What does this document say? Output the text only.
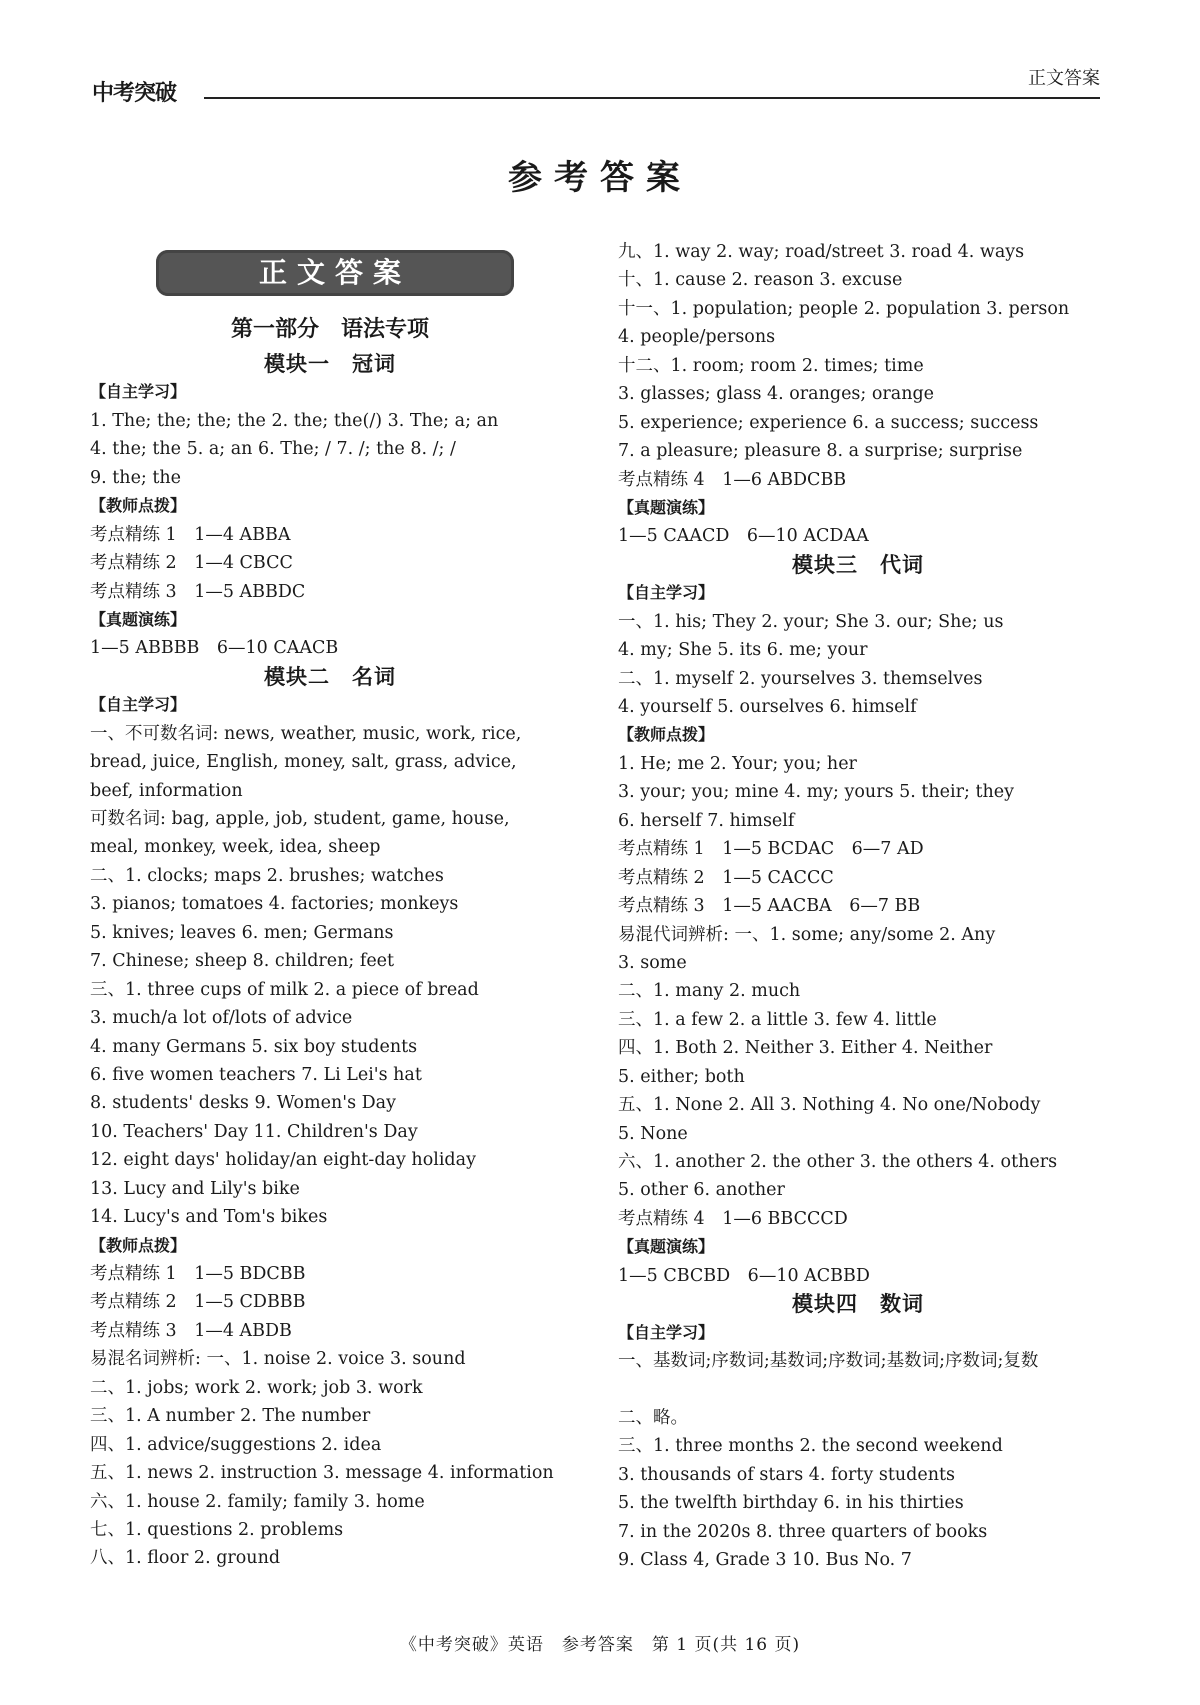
中考突破
正文答案
参考答案
正文答案
第一部分　语法专项
模块一　冠词
【自主学习】
1. The; the; the; the 2. the; the(/) 3. The; a; an
4. the; the 5. a; an 6. The; / 7. /; the 8. /; /
9. the; the
【教师点拨】
考点精练 1　1—4 ABBA
考点精练 2　1—4 CBCC
考点精练 3　1—5 ABBDC
【真题演练】
1—5 ABBBB　6—10 CAACB
模块二　名词
【自主学习】
一、不可数名词: news, weather, music, work, rice,
bread, juice, English, money, salt, grass, advice,
beef, information
可数名词: bag, apple, job, student, game, house,
meal, monkey, week, idea, sheep
二、1. clocks; maps 2. brushes; watches
3. pianos; tomatoes 4. factories; monkeys
5. knives; leaves 6. men; Germans
7. Chinese; sheep 8. children; feet
三、1. three cups of milk 2. a piece of bread
3. much/a lot of/lots of advice
4. many Germans 5. six boy students
6. five women teachers 7. Li Lei's hat
8. students' desks 9. Women's Day
10. Teachers' Day 11. Children's Day
12. eight days' holiday/an eight-day holiday
13. Lucy and Lily's bike
14. Lucy's and Tom's bikes
【教师点拨】
考点精练 1　1—5 BDCBB
考点精练 2　1—5 CDBBB
考点精练 3　1—4 ABDB
易混名词辨析: 一、1. noise 2. voice 3. sound
二、1. jobs; work 2. work; job 3. work
三、1. A number 2. The number
四、1. advice/suggestions 2. idea
五、1. news 2. instruction 3. message 4. information
六、1. house 2. family; family 3. home
七、1. questions 2. problems
八、1. floor 2. ground
九、1. way 2. way; road/street 3. road 4. ways
十、1. cause 2. reason 3. excuse
十一、1. population; people 2. population 3. person
4. people/persons
十二、1. room; room 2. times; time
3. glasses; glass 4. oranges; orange
5. experience; experience 6. a success; success
7. a pleasure; pleasure 8. a surprise; surprise
考点精练 4　1—6 ABDCBB
【真题演练】
1—5 CAACD　6—10 ACDAA
模块三　代词
【自主学习】
一、1. his; They 2. your; She 3. our; She; us
4. my; She 5. its 6. me; your
二、1. myself 2. yourselves 3. themselves
4. yourself 5. ourselves 6. himself
【教师点拨】
1. He; me 2. Your; you; her
3. your; you; mine 4. my; yours 5. their; they
6. herself 7. himself
考点精练 1　1—5 BCDAC　6—7 AD
考点精练 2　1—5 CACCC
考点精练 3　1—5 AACBA　6—7 BB
易混代词辨析: 一、1. some; any/some 2. Any
3. some
二、1. many 2. much
三、1. a few 2. a little 3. few 4. little
四、1. Both 2. Neither 3. Either 4. Neither
5. either; both
五、1. None 2. All 3. Nothing 4. No one/Nobody
5. None
六、1. another 2. the other 3. the others 4. others
5. other 6. another
考点精练 4　1—6 BBCCCD
【真题演练】
1—5 CBCBD　6—10 ACBBD
模块四　数词
【自主学习】
一、基数词;序数词;基数词;序数词;基数词;序数词;复数
二、略。
三、1. three months 2. the second weekend
3. thousands of stars 4. forty students
5. the twelfth birthday 6. in his thirties
7. in the 2020s 8. three quarters of books
9. Class 4, Grade 3 10. Bus No. 7
《中考突破》英语　参考答案　第 1 页(共 16 页)
